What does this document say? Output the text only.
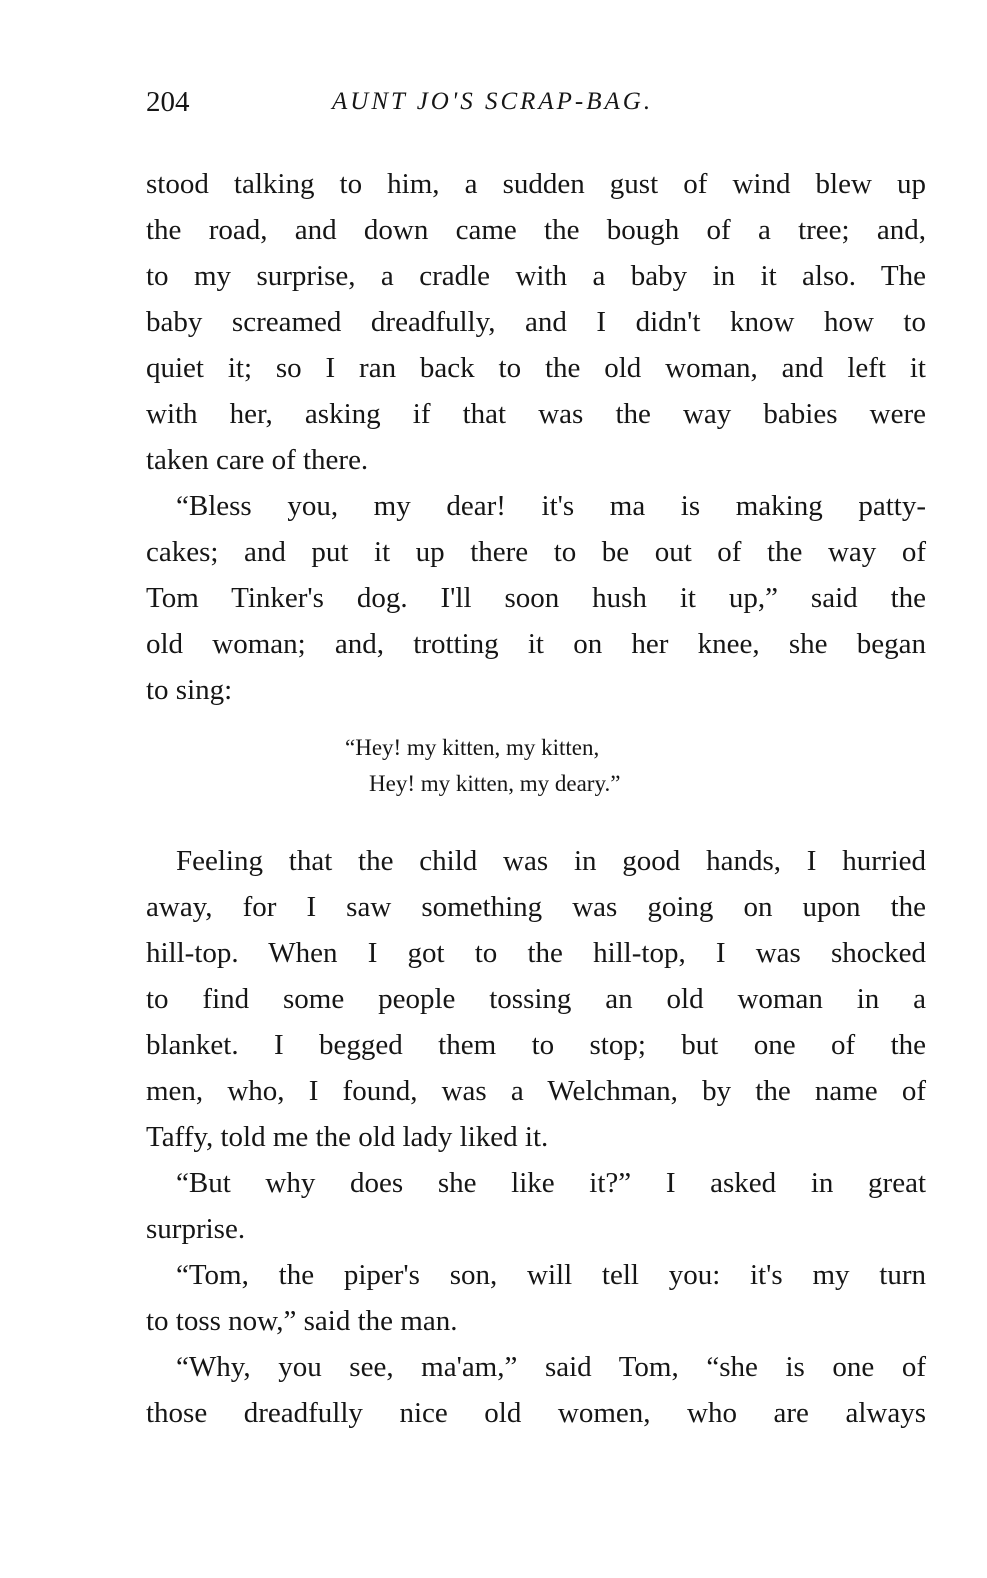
204	AUNT JO'S SCRAP-BAG.
stood talking to him, a sudden gust of wind blew up
the road, and down came the bough of a tree; and,
to my surprise, a cradle with a baby in it also. The
baby screamed dreadfully, and I didn't know how to
quiet it; so I ran back to the old woman, and left it
with her, asking if that was the way babies were
taken care of there.
“Bless you, my dear! it's ma is making patty-
cakes; and put it up there to be out of the way of
Tom Tinker's dog. I'll soon hush it up,” said the
old woman; and, trotting it on her knee, she began
to sing:
“Hey! my kitten, my kitten,
Hey! my kitten, my deary.”
Feeling that the child was in good hands, I hurried
away, for I saw something was going on upon the
hill-top. When I got to the hill-top, I was shocked
to find some people tossing an old woman in a
blanket. I begged them to stop; but one of the
men, who, I found, was a Welchman, by the name of
Taffy, told me the old lady liked it.
“But why does she like it?” I asked in great
surprise.
“Tom, the piper's son, will tell you: it's my turn
to toss now,” said the man.
“Why, you see, ma'am,” said Tom, “she is one of
those dreadfully nice old women, who are always
